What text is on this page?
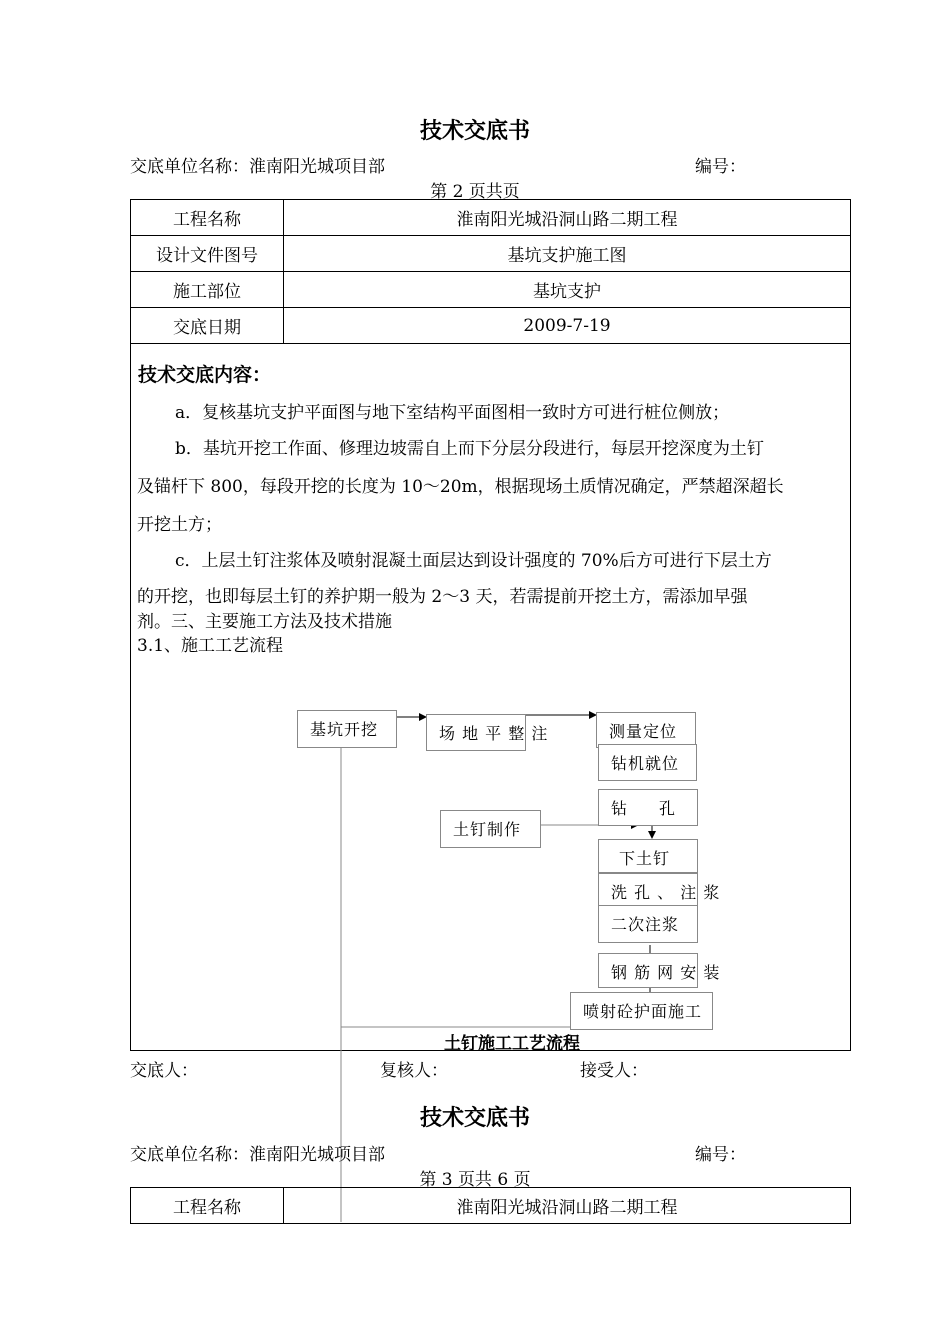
技术交底书
交底单位名称：淮南阳光城项目部	编号：
第 2 页共页
工程名称	淮南阳光城沿洞山路二期工程
设计文件图号	基坑支护施工图
施工部位	基坑支护
交底日期	2009-7-19
技术交底内容：
a．复核基坑支护平面图与地下室结构平面图相一致时方可进行桩位侧放；
b．基坑开挖工作面、修理边坡需自上而下分层分段进行，每层开挖深度为土钉
及锚杆下 800，每段开挖的长度为 10～20m，根据现场土质情况确定，严禁超深超长
开挖土方；
c．上层土钉注浆体及喷射混凝土面层达到设计强度的 70%后方可进行下层土方
的开挖，也即每层土钉的养护期一般为 2～3 天，若需提前开挖土方，需添加早强
剂。三、主要施工方法及技术措施
3.1、施工工艺流程
基坑开挖	场 地 平 整 注	测量定位
钻机就位
钻 孔
土钉制作
下土钉
洗 孔 、 注 浆
二次注浆
钢 筋 网 安 装
喷射砼护面施工
土钉施工工艺流程
交底人：	复核人：	接受人：
技术交底书
交底单位名称：淮南阳光城项目部	编号：
第 3 页共 6 页
工程名称	淮南阳光城沿洞山路二期工程
